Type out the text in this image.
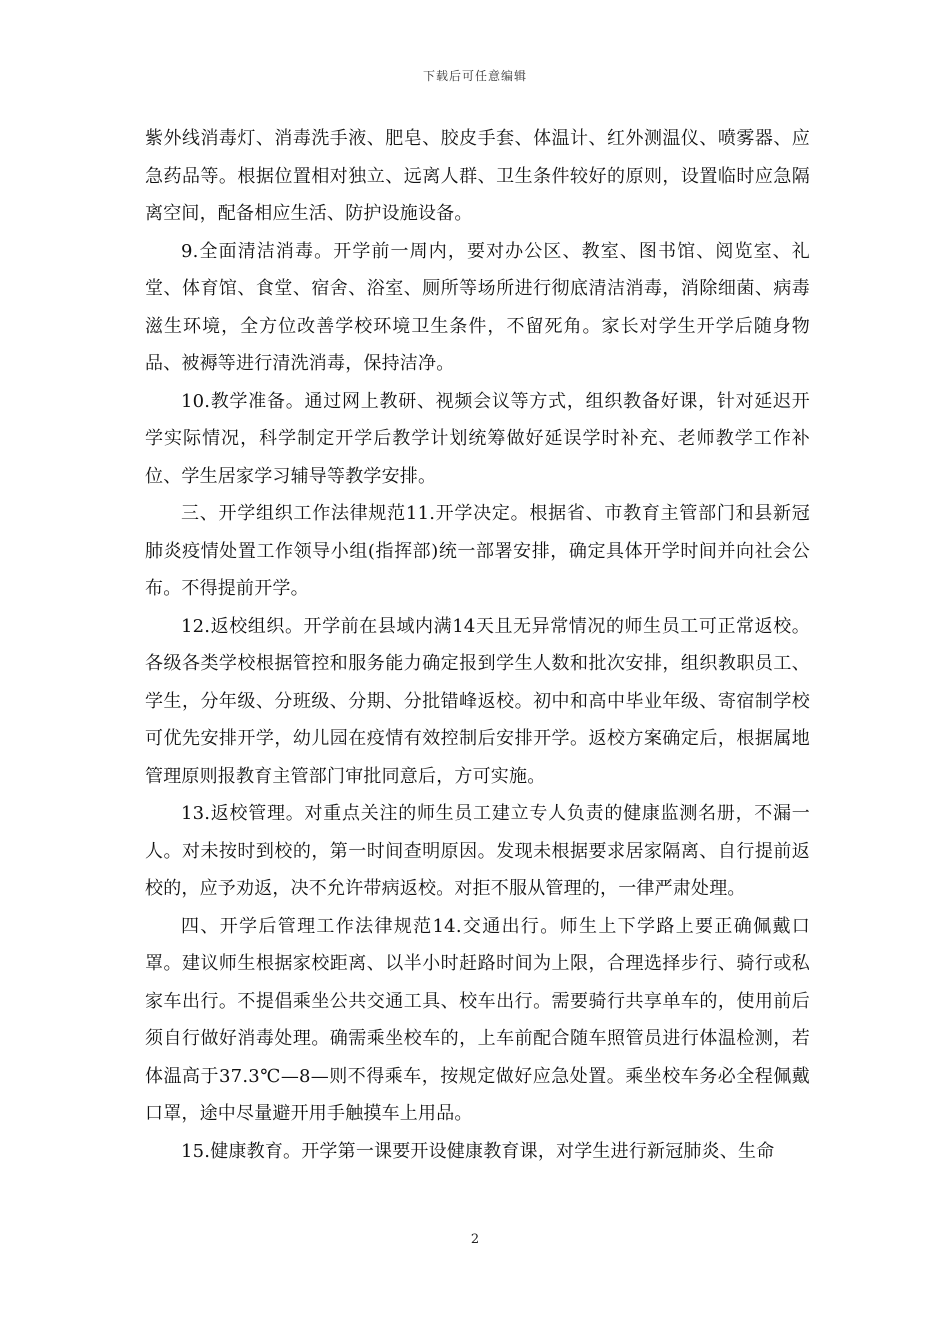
下载后可任意编辑

紫外线消毒灯、消毒洗手液、肥皂、胶皮手套、体温计、红外测温仪、喷雾器、应急药品等。根据位置相对独立、远离人群、卫生条件较好的原则，设置临时应急隔离空间，配备相应生活、防护设施设备。

9.全面清洁消毒。开学前一周内，要对办公区、教室、图书馆、阅览室、礼堂、体育馆、食堂、宿舍、浴室、厕所等场所进行彻底清洁消毒，消除细菌、病毒滋生环境，全方位改善学校环境卫生条件，不留死角。家长对学生开学后随身物品、被褥等进行清洗消毒，保持洁净。

10.教学准备。通过网上教研、视频会议等方式，组织教备好课，针对延迟开学实际情况，科学制定开学后教学计划统筹做好延误学时补充、老师教学工作补位、学生居家学习辅导等教学安排。

三、开学组织工作法律规范11.开学决定。根据省、市教育主管部门和县新冠肺炎疫情处置工作领导小组(指挥部)统一部署安排，确定具体开学时间并向社会公布。不得提前开学。

12.返校组织。开学前在县域内满14天且无异常情况的师生员工可正常返校。各级各类学校根据管控和服务能力确定报到学生人数和批次安排，组织教职员工、学生，分年级、分班级、分期、分批错峰返校。初中和高中毕业年级、寄宿制学校可优先安排开学，幼儿园在疫情有效控制后安排开学。返校方案确定后，根据属地管理原则报教育主管部门审批同意后，方可实施。

13.返校管理。对重点关注的师生员工建立专人负责的健康监测名册，不漏一人。对未按时到校的，第一时间查明原因。发现未根据要求居家隔离、自行提前返校的，应予劝返，决不允许带病返校。对拒不服从管理的，一律严肃处理。

四、开学后管理工作法律规范14.交通出行。师生上下学路上要正确佩戴口罩。建议师生根据家校距离、以半小时赶路时间为上限，合理选择步行、骑行或私家车出行。不提倡乘坐公共交通工具、校车出行。需要骑行共享单车的，使用前后须自行做好消毒处理。确需乘坐校车的，上车前配合随车照管员进行体温检测，若体温高于37.3℃—8—则不得乘车，按规定做好应急处置。乘坐校车务必全程佩戴口罩，途中尽量避开用手触摸车上用品。

15.健康教育。开学第一课要开设健康教育课，对学生进行新冠肺炎、生命

2
